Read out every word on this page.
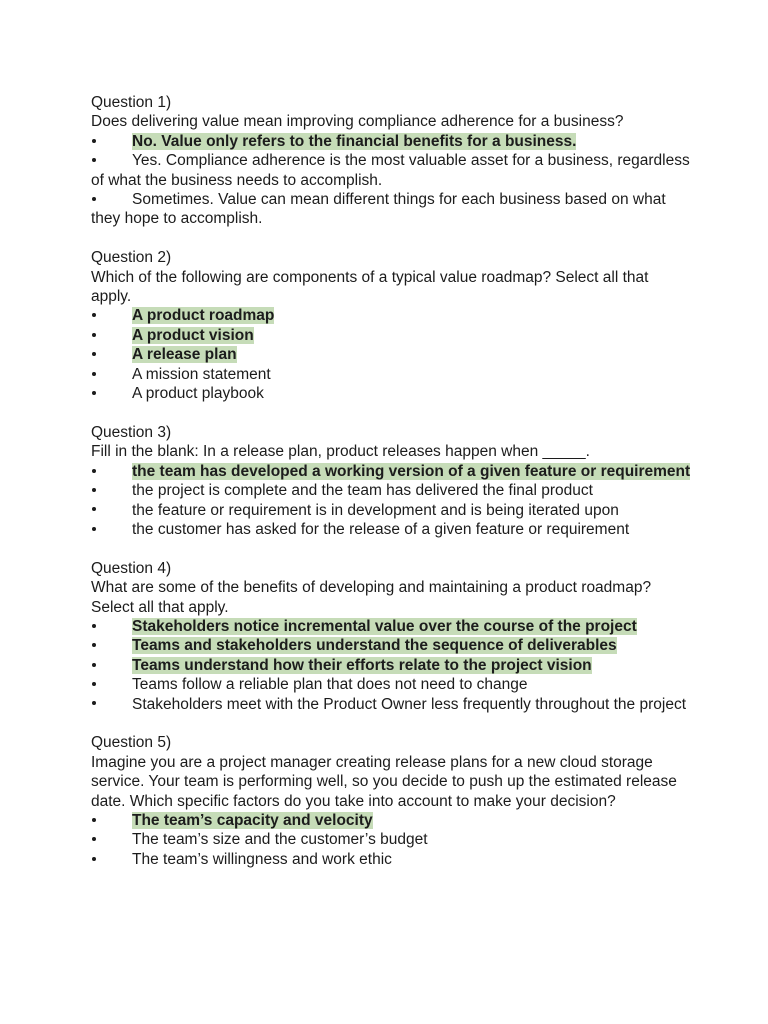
Question 1)

Does delivering value mean improving compliance adherence for a business?

No. Value only refers to the financial benefits for a business.
Yes. Compliance adherence is the most valuable asset for a business, regardless of what the business needs to accomplish.
Sometimes. Value can mean different things for each business based on what they hope to accomplish.

Question 2)

Which of the following are components of a typical value roadmap? Select all that apply.

A product roadmap
A product vision
A release plan
A mission statement
A product playbook

Question 3)

Fill in the blank: In a release plan, product releases happen when _____.

the team has developed a working version of a given feature or requirement
the project is complete and the team has delivered the final product
the feature or requirement is in development and is being iterated upon
the customer has asked for the release of a given feature or requirement

Question 4)

What are some of the benefits of developing and maintaining a product roadmap? Select all that apply.

Stakeholders notice incremental value over the course of the project
Teams and stakeholders understand the sequence of deliverables
Teams understand how their efforts relate to the project vision
Teams follow a reliable plan that does not need to change
Stakeholders meet with the Product Owner less frequently throughout the project

Question 5)

Imagine you are a project manager creating release plans for a new cloud storage service. Your team is performing well, so you decide to push up the estimated release date. Which specific factors do you take into account to make your decision?

The team’s capacity and velocity
The team’s size and the customer’s budget
The team’s willingness and work ethic
